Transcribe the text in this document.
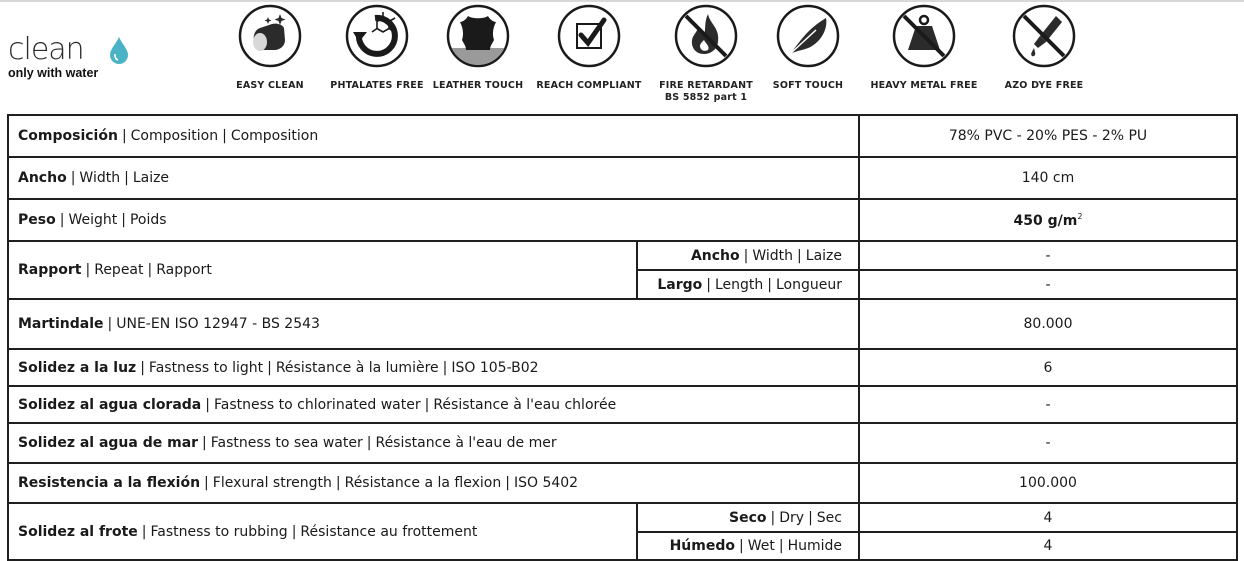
clean
only with water
EASY CLEAN	PHTALATES FREE LEATHER TOUCH	REACH COMPLIANT	FIRE RETARDANT
BS 5852 part 1
SOFT TOUCH	HEAVY METAL FREE	AZO DYE FREE
Composición | Composition | Composition		78% PVC - 20% PES - 2% PU
Ancho | Width | Laize		140 cm
Peso | Weight | Poids		450 $g/m^2$
Rapport | Repeat | Rapport	Ancho | Width | Laize	-
	Largo | Length | Longueur	-
Martindale | UNE-EN ISO 12947 - BS 2543		80.000
Solidez a la luz | Fastness to light | Résistance à la lumière | ISO 105-B02		6
Solidez al agua clorada | Fastness to chlorinated water | Résistance à l'eau chlorée		-
Solidez al agua de mar | Fastness to sea water | Résistance à l'eau de mer		-
Resistencia a la flexión | Flexural strength | Résistance a la flexion | ISO 5402		100.000
Solidez al frote | Fastness to rubbing | Résistance au frottement	Seco | Dry | Sec	4
	Húmedo | Wet | Humide	4
